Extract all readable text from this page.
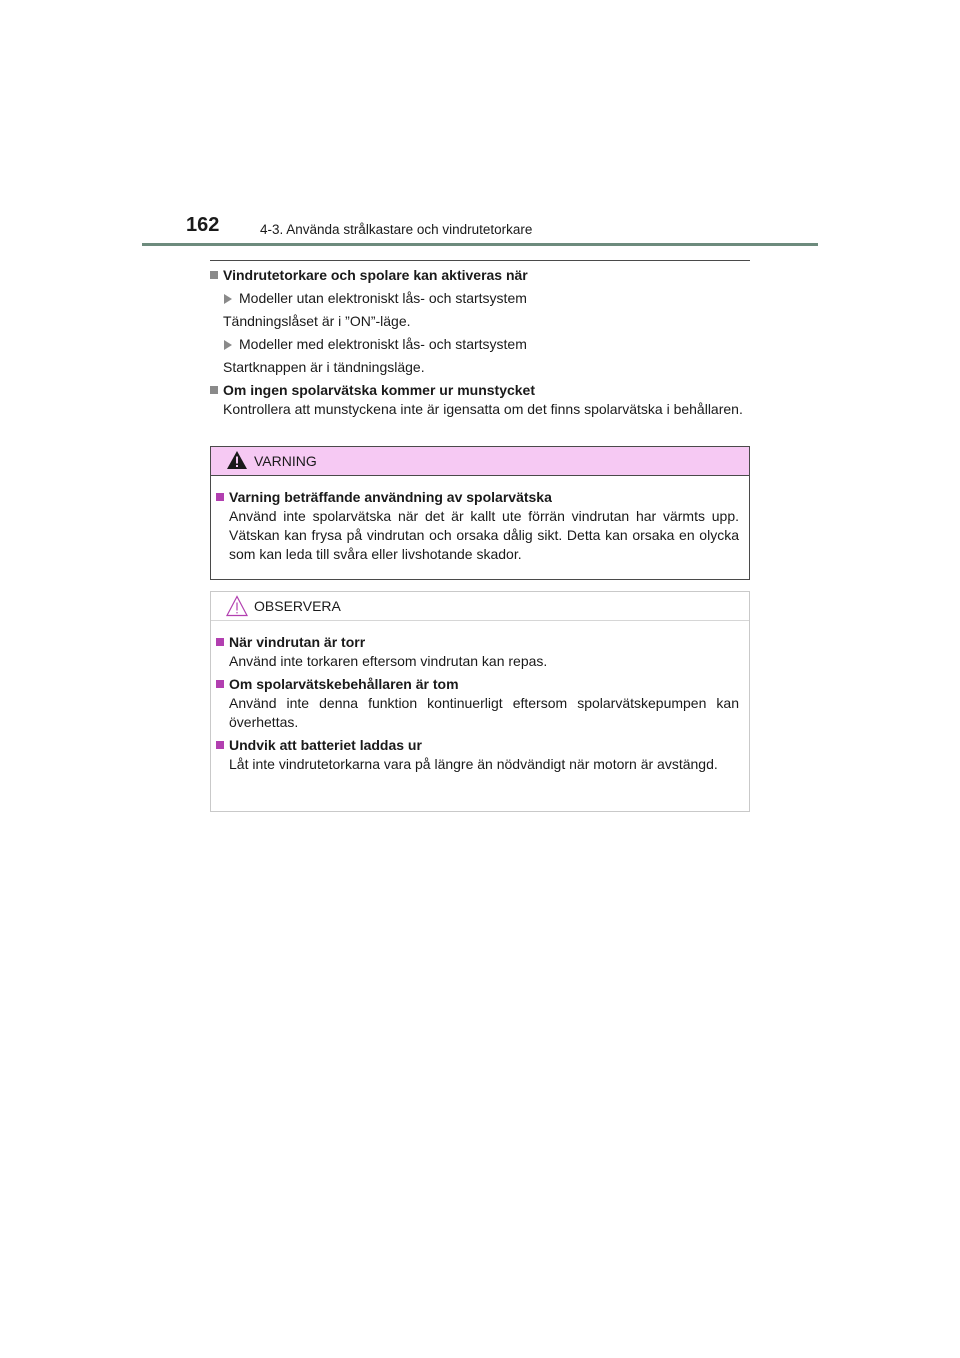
162	4-3. Använda strålkastare och vindrutetorkare
Vindrutetorkare och spolare kan aktiveras när
Modeller utan elektroniskt lås- och startsystem
Tändningslåset är i ”ON”-läge.
Modeller med elektroniskt lås- och startsystem
Startknappen är i tändningsläge.
Om ingen spolarvätska kommer ur munstycket
Kontrollera att munstyckena inte är igensatta om det finns spolarvätska i behållaren.
VARNING
Varning beträffande användning av spolarvätska
Använd inte spolarvätska när det är kallt ute förrän vindrutan har värmts upp. Vätskan kan frysa på vindrutan och orsaka dålig sikt. Detta kan orsaka en olycka som kan leda till svåra eller livshotande skador.
OBSERVERA
När vindrutan är torr
Använd inte torkaren eftersom vindrutan kan repas.
Om spolarvätskebehållaren är tom
Använd inte denna funktion kontinuerligt eftersom spolarvätskepumpen kan överhettas.
Undvik att batteriet laddas ur
Låt inte vindrutetorkarna vara på längre än nödvändigt när motorn är avstängd.
